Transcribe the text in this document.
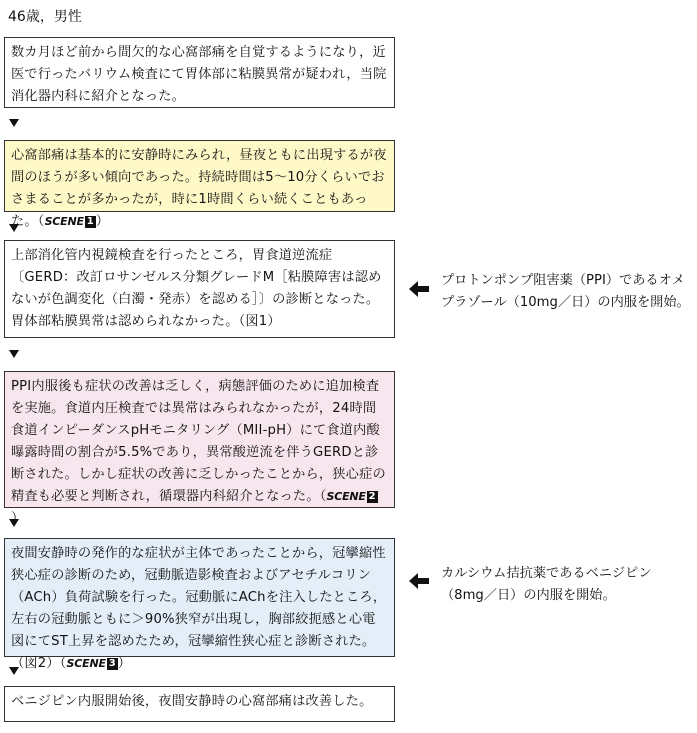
46歳，男性
数カ月ほど前から間欠的な心窩部痛を自覚するようになり，近医で行ったバリウム検査にて胃体部に粘膜異常が疑われ，当院消化器内科に紹介となった。
心窩部痛は基本的に安静時にみられ，昼夜ともに出現するが夜間のほうが多い傾向であった。持続時間は5〜10分くらいでおさまることが多かったが，時に1時間くらい続くこともあった。（SCENE 1 ）
上部消化管内視鏡検査を行ったところ，胃食道逆流症〔GERD：改訂ロサンゼルス分類グレードM［粘膜障害は認めないが色調変化（白濁・発赤）を認める］〕の診断となった。胃体部粘膜異常は認められなかった。（図1）
プロトンポンプ阻害薬（PPI）であるオメプラゾール（10mg／日）の内服を開始。
PPI内服後も症状の改善は乏しく，病態評価のために追加検査を実施。食道内圧検査では異常はみられなかったが，24時間食道インピーダンスpHモニタリング（MII-pH）にて食道内酸曝露時間の割合が5.5%であり，異常酸逆流を伴うGERDと診断された。しかし症状の改善に乏しかったことから，狭心症の精査も必要と判断され，循環器内科紹介となった。（SCENE 2）
夜間安静時の発作的な症状が主体であったことから，冠攣縮性狭心症の診断のため，冠動脈造影検査およびアセチルコリン（ACh）負荷試験を行った。冠動脈にAChを注入したところ，左右の冠動脈ともに＞90%狭窄が出現し，胸部絞扼感と心電図にてST上昇を認めたため，冠攣縮性狭心症と診断された。（図2）（SCENE 3 ）
カルシウム拮抗薬であるベニジピン（8mg／日）の内服を開始。
ベニジピン内服開始後，夜間安静時の心窩部痛は改善した。
